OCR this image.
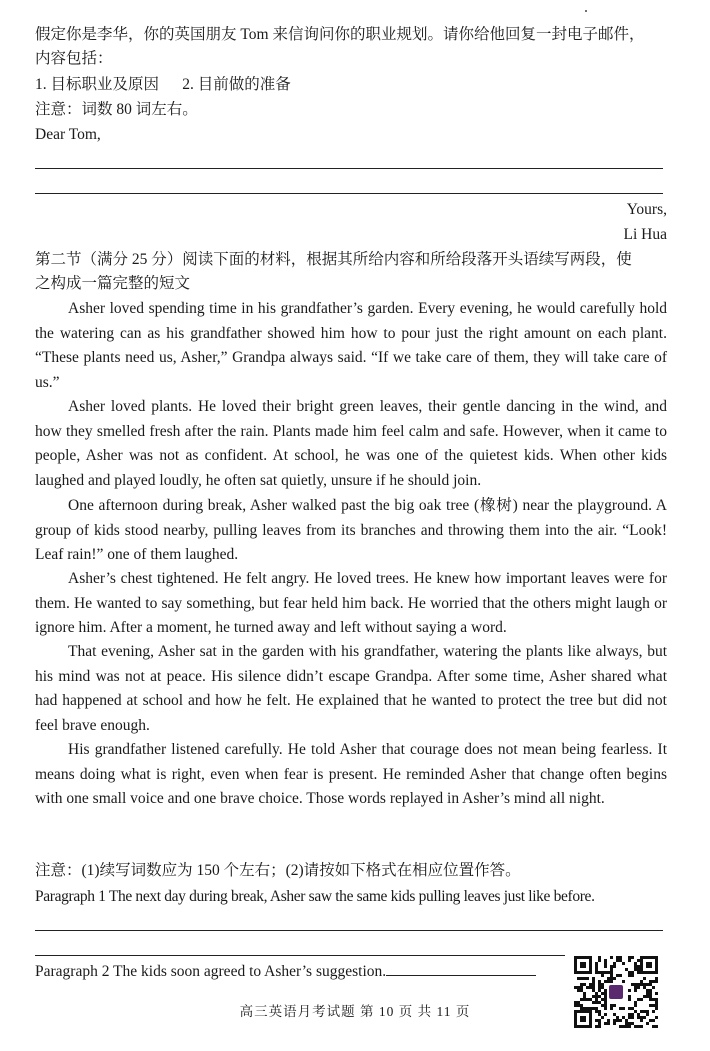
假定你是李华，你的英国朋友 Tom 来信询问你的职业规划。请你给他回复一封电子邮件，
内容包括：
1. 目标职业及原因      2. 目前做的准备
注意：词数 80 词左右。
Dear Tom,
Yours,
Li Hua
第二节（满分 25 分）阅读下面的材料，根据其所给内容和所给段落开头语续写两段，使
之构成一篇完整的短文
Asher loved spending time in his grandfather’s garden. Every evening, he would carefully hold the watering can as his grandfather showed him how to pour just the right amount on each plant. “These plants need us, Asher,” Grandpa always said. “If we take care of them, they will take care of us.”
Asher loved plants. He loved their bright green leaves, their gentle dancing in the wind, and how they smelled fresh after the rain. Plants made him feel calm and safe. However, when it came to people, Asher was not as confident. At school, he was one of the quietest kids. When other kids laughed and played loudly, he often sat quietly, unsure if he should join.
One afternoon during break, Asher walked past the big oak tree (橡树) near the playground. A group of kids stood nearby, pulling leaves from its branches and throwing them into the air. “Look! Leaf rain!” one of them laughed.
Asher’s chest tightened. He felt angry. He loved trees. He knew how important leaves were for them. He wanted to say something, but fear held him back. He worried that the others might laugh or ignore him. After a moment, he turned away and left without saying a word.
That evening, Asher sat in the garden with his grandfather, watering the plants like always, but his mind was not at peace. His silence didn’t escape Grandpa. After some time, Asher shared what had happened at school and how he felt. He explained that he wanted to protect the tree but did not feel brave enough.
His grandfather listened carefully. He told Asher that courage does not mean being fearless. It means doing what is right, even when fear is present. He reminded Asher that change often begins with one small voice and one brave choice. Those words replayed in Asher’s mind all night.
注意：(1)续写词数应为 150 个左右；(2)请按如下格式在相应位置作答。
Paragraph 1 The next day during break, Asher saw the same kids pulling leaves just like before.
Paragraph 2 The kids soon agreed to Asher’s suggestion.
高三英语月考试题 第 10 页 共 11 页
